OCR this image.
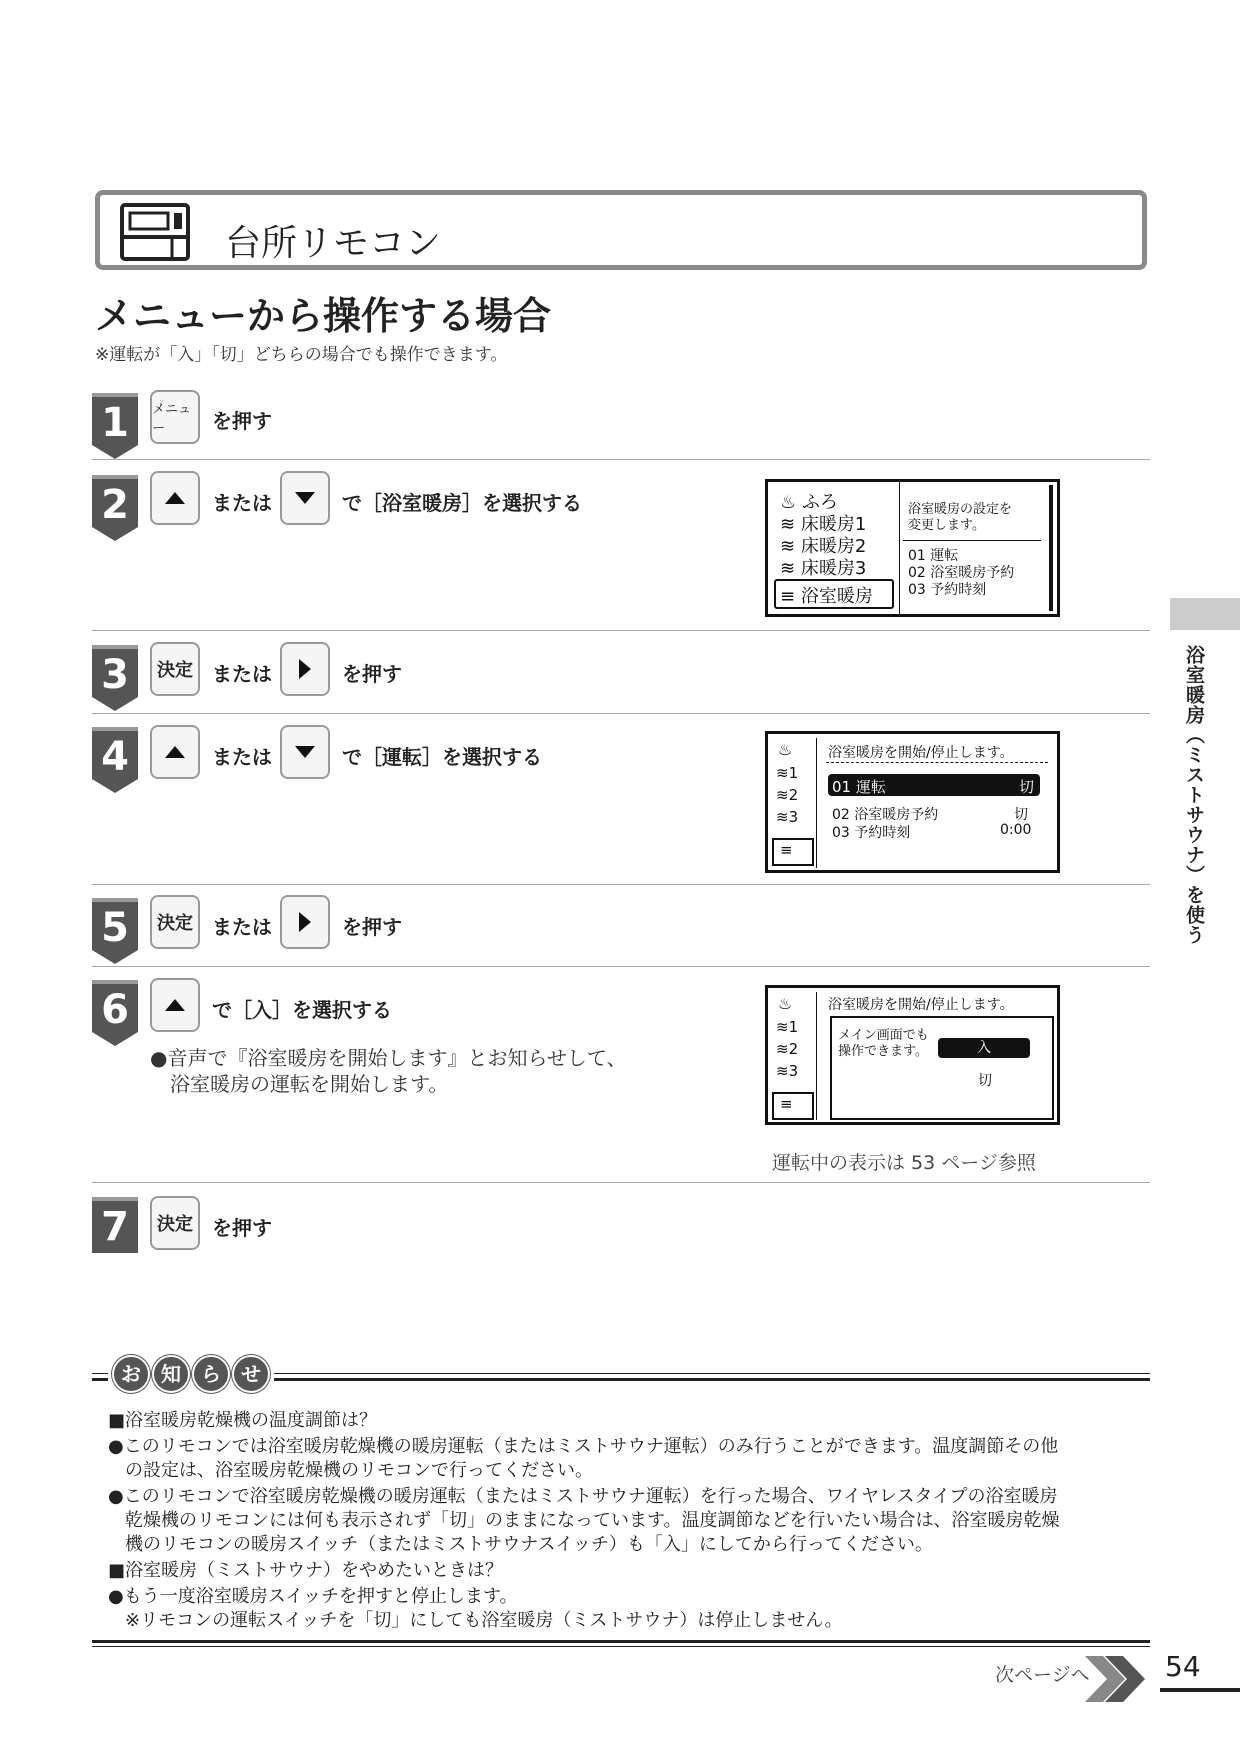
台所リモコン
メニューから操作する場合
※運転が「入」「切」どちらの場合でも操作できます。
1	メニュー	を押す
2	または	で［浴室暖房］を選択する	♨ ふろ
≋ 床暖房1
≋ 床暖房2
≋ 床暖房3
≡ 浴室暖房
浴室暖房の設定を
変更します。
01 運転
02 浴室暖房予約
03 予約時刻
3	決定 または	を押す
4	または	で［運転］を選択する	♨
≋1
≋2
≋3
≡
浴室暖房を開始/停止します。
01 運転	切
02 浴室暖房予約	切
03 予約時刻	0:00
5	決定 または	を押す
6	で［入］を選択する
●音声で『浴室暖房を開始します』とお知らせして、
浴室暖房の運転を開始します。
♨
≋1
≋2
≋3
≡
浴室暖房を開始/停止します。
メイン画面でも
操作できます。	入
切
運転中の表示は 53 ページ参照
7	決定 を押す
浴室暖房（ミストサウナ）を使う
お	知	ら	せ
■浴室暖房乾燥機の温度調節は？
●このリモコンでは浴室暖房乾燥機の暖房運転（またはミストサウナ運転）のみ行うことができます。温度調節その他
の設定は、浴室暖房乾燥機のリモコンで行ってください。
●このリモコンで浴室暖房乾燥機の暖房運転（またはミストサウナ運転）を行った場合、ワイヤレスタイプの浴室暖房
乾燥機のリモコンには何も表示されず「切」のままになっています。温度調節などを行いたい場合は、浴室暖房乾燥
機のリモコンの暖房スイッチ（またはミストサウナスイッチ）も「入」にしてから行ってください。
■浴室暖房（ミストサウナ）をやめたいときは？
●もう一度浴室暖房スイッチを押すと停止します。
※リモコンの運転スイッチを「切」にしても浴室暖房（ミストサウナ）は停止しません。
次ページへ	54
